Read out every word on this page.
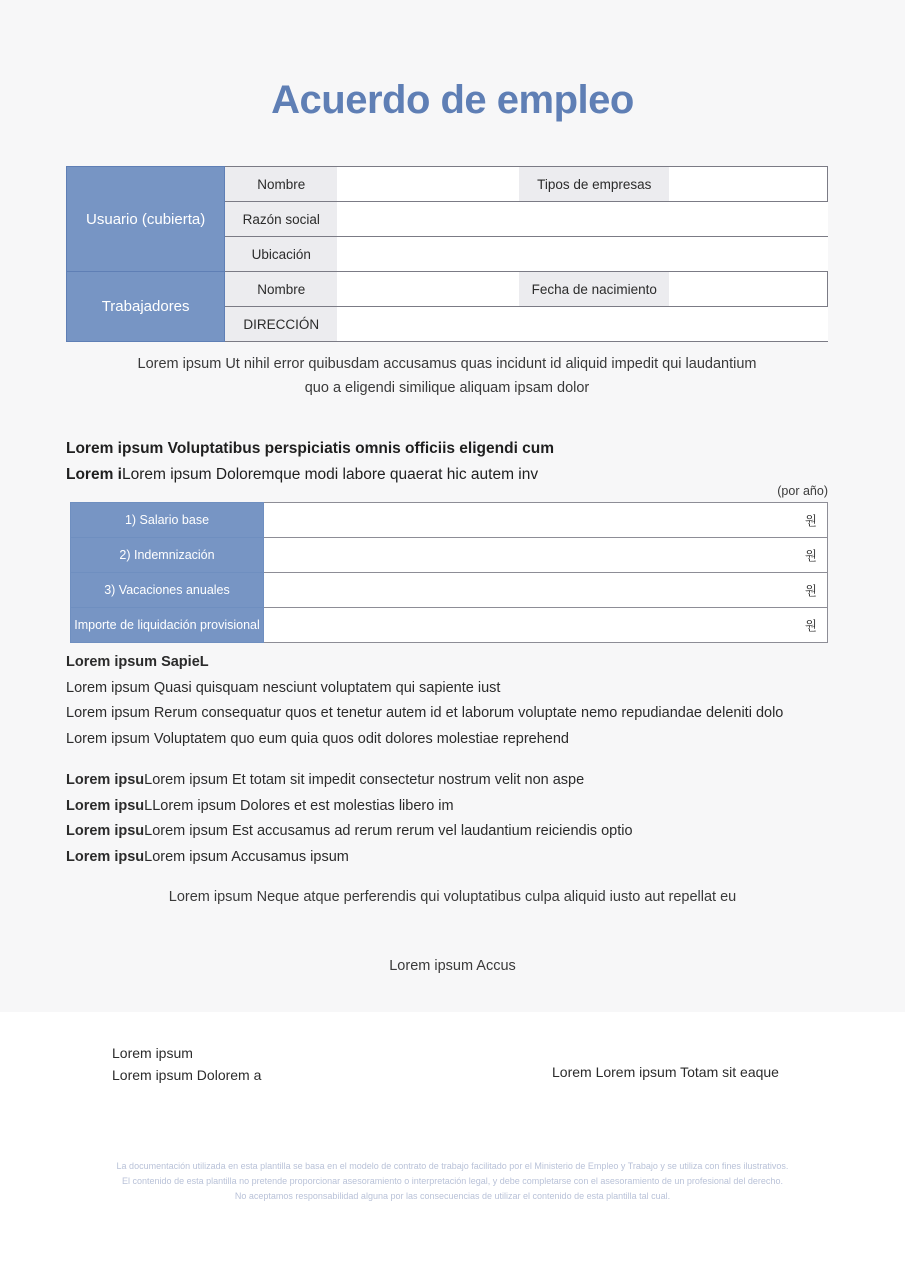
Acuerdo de empleo
Usuario (cubierta)	Nombre		Tipos de empresas	
	Razón social			
	Ubicación			
Trabajadores	Nombre		Fecha de nacimiento	
	DIRECCIÓN			
Lorem ipsum Ut nihil error quibusdam accusamus quas incidunt id aliquid impedit qui laudantium
quo a eligendi similique aliquam ipsam dolor
Lorem ipsum Voluptatibus perspiciatis omnis officiis eligendi cum
Lorem iLorem ipsum Doloremque modi labore quaerat hic autem inv
(por año)
1) Salario base	원
2) Indemnización	원
3) Vacaciones anuales	원
Importe de liquidación provisional	원
Lorem ipsum SapieL
Lorem ipsum Quasi quisquam nesciunt voluptatem qui sapiente iust
Lorem ipsum Rerum consequatur quos et tenetur autem id et laborum voluptate nemo repudiandae deleniti dolo
Lorem ipsum Voluptatem quo eum quia quos odit dolores molestiae reprehend
Lorem ipsuLorem ipsum Et totam sit impedit consectetur nostrum velit non aspe
Lorem ipsuLLorem ipsum Dolores et est molestias libero im
Lorem ipsuLorem ipsum Est accusamus ad rerum rerum vel laudantium reiciendis optio
Lorem ipsuLorem ipsum Accusamus ipsum
Lorem ipsum Neque atque perferendis qui voluptatibus culpa aliquid iusto aut repellat eu
Lorem ipsum Accus
Lorem ipsum
Lorem ipsum Dolorem a	Lorem Lorem ipsum Totam sit eaque
La documentación utilizada en esta plantilla se basa en el modelo de contrato de trabajo facilitado por el Ministerio de Empleo y Trabajo y se utiliza con fines ilustrativos.
El contenido de esta plantilla no pretende proporcionar asesoramiento o interpretación legal, y debe completarse con el asesoramiento de un profesional del derecho.
No aceptamos responsabilidad alguna por las consecuencias de utilizar el contenido de esta plantilla tal cual.
